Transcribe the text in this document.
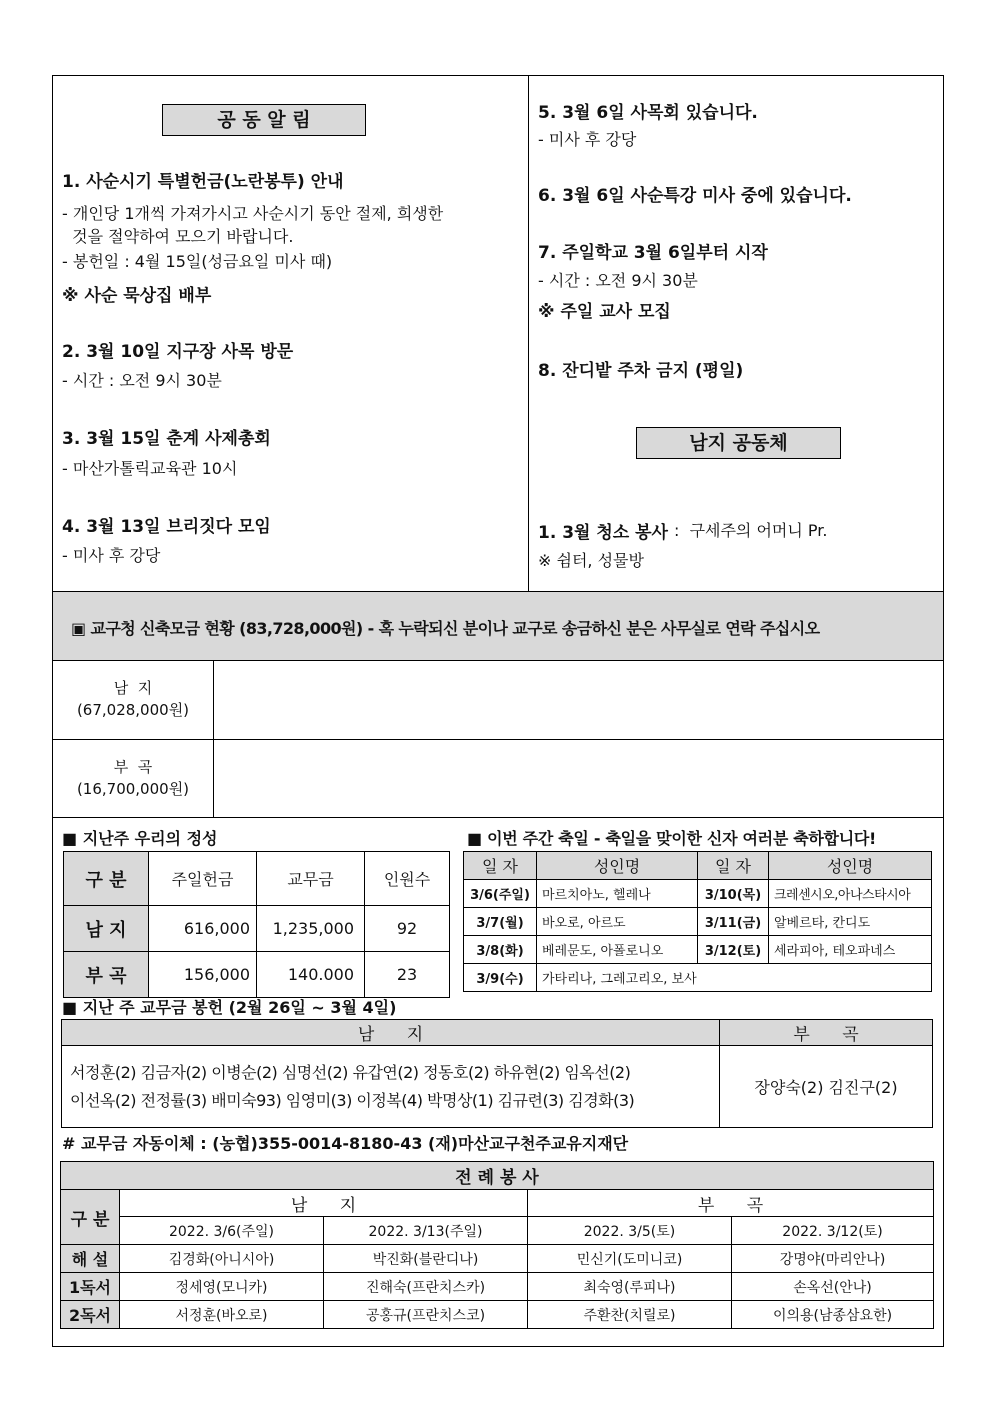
공 동 알 림
1. 사순시기 특별헌금(노란봉투) 안내
- 개인당 1개씩 가져가시고 사순시기 동안 절제, 희생한
것을 절약하여 모으기 바랍니다.
- 봉헌일 : 4월 15일(성금요일 미사 때)
※ 사순 묵상집 배부
2. 3월 10일 지구장 사목 방문
- 시간 : 오전 9시 30분
3. 3월 15일 춘계 사제총회
- 마산가톨릭교육관 10시
4. 3월 13일 브리짓다 모임
- 미사 후 강당
5. 3월 6일 사목회 있습니다.
- 미사 후 강당
6. 3월 6일 사순특강 미사 중에 있습니다.
7. 주일학교 3월 6일부터 시작
- 시간 : 오전 9시 30분
※ 주일 교사 모집
8. 잔디밭 주차 금지 (평일)
남지 공동체
1. 3월 청소 봉사 :  구세주의 어머니 Pr.
※ 쉼터, 성물방
▣ 교구청 신축모금 현황 (83,728,000원) - 혹 누락되신 분이나 교구로 송금하신 분은 사무실로 연락 주십시오
남  지
(67,028,000원)
부  곡
(16,700,000원)
■ 지난주 우리의 정성
구 분	주일헌금	교무금	인원수
남 지	616,000	1,235,000	92
부 곡	156,000	140.000	23
■ 이번 주간 축일 - 축일을 맞이한 신자 여러분 축하합니다!
일 자	성인명	일 자	성인명
3/6(주일)	마르치아노, 헬레나	3/10(목)	크레센시오,아나스타시아
3/7(월)	바오로, 아르도	3/11(금)	알베르타, 칸디도
3/8(화)	베레문도, 아폴로니오	3/12(토)	세라피아, 테오파네스
3/9(수)	가타리나, 그레고리오, 보사		
■ 지난 주 교무금 봉헌 (2월 26일 ~ 3월 4일)
남      지	부      곡

서정훈(2) 김금자(2) 이병순(2) 심명선(2) 유갑연(2) 정동호(2) 하유현(2) 임옥선(2)
이선옥(2) 전정률(3) 배미숙93) 임영미(3) 이정복(4) 박명상(1) 김규련(3) 김경화(3)	장양숙(2) 김진구(2)
# 교무금 자동이체 : (농협)355-0014-8180-43 (재)마산교구천주교유지재단
전 례 봉 사				
구 분	남      지		부      곡	
	2022. 3/6(주일)	2022. 3/13(주일)	2022. 3/5(토)	2022. 3/12(토)
해 설	김경화(아니시아)	박진화(블란디나)	민신기(도미니코)	강명야(마리안나)
1독서	정세영(모니카)	진해숙(프란치스카)	최숙영(루피나)	손옥선(안나)
2독서	서정훈(바오로)	공홍규(프란치스코)	주환찬(치릴로)	이의용(남종삼요한)
